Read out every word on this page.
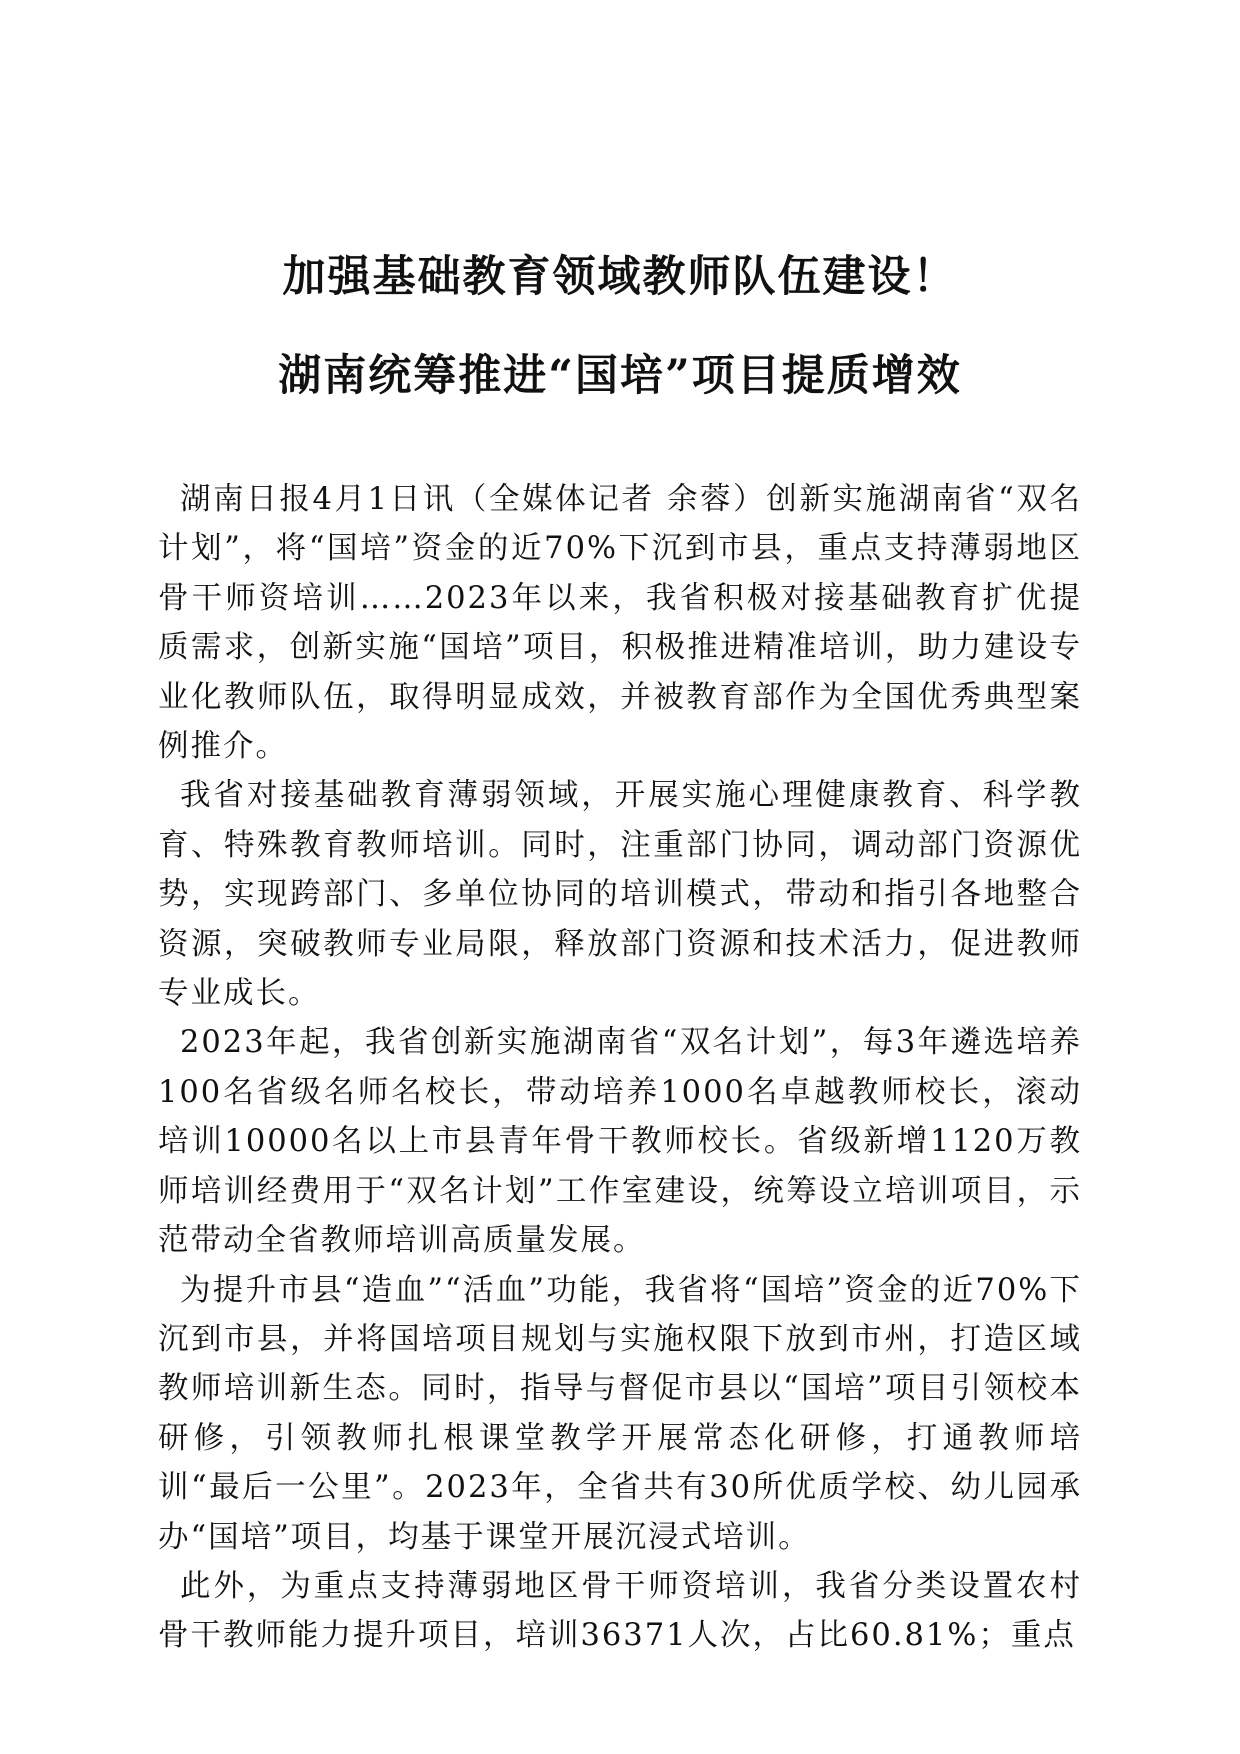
加强基础教育领域教师队伍建设！
湖南统筹推进“国培”项目提质增效

湖南日报4月1日讯（全媒体记者 余蓉）创新实施湖南省“双名计划”，将“国培”资金的近70%下沉到市县，重点支持薄弱地区骨干师资培训……2023年以来，我省积极对接基础教育扩优提质需求，创新实施“国培”项目，积极推进精准培训，助力建设专业化教师队伍，取得明显成效，并被教育部作为全国优秀典型案例推介。

我省对接基础教育薄弱领域，开展实施心理健康教育、科学教育、特殊教育教师培训。同时，注重部门协同，调动部门资源优势，实现跨部门、多单位协同的培训模式，带动和指引各地整合资源，突破教师专业局限，释放部门资源和技术活力，促进教师专业成长。

2023年起，我省创新实施湖南省“双名计划”，每3年遴选培养100名省级名师名校长，带动培养1000名卓越教师校长，滚动培训10000名以上市县青年骨干教师校长。省级新增1120万教师培训经费用于“双名计划”工作室建设，统筹设立培训项目，示范带动全省教师培训高质量发展。

为提升市县“造血”“活血”功能，我省将“国培”资金的近70%下沉到市县，并将国培项目规划与实施权限下放到市州，打造区域教师培训新生态。同时，指导与督促市县以“国培”项目引领校本研修，引领教师扎根课堂教学开展常态化研修，打通教师培训“最后一公里”。2023年，全省共有30所优质学校、幼儿园承办“国培”项目，均基于课堂开展沉浸式培训。

此外，为重点支持薄弱地区骨干师资培训，我省分类设置农村骨干教师能力提升项目，培训36371人次，占比60.81%；重点
